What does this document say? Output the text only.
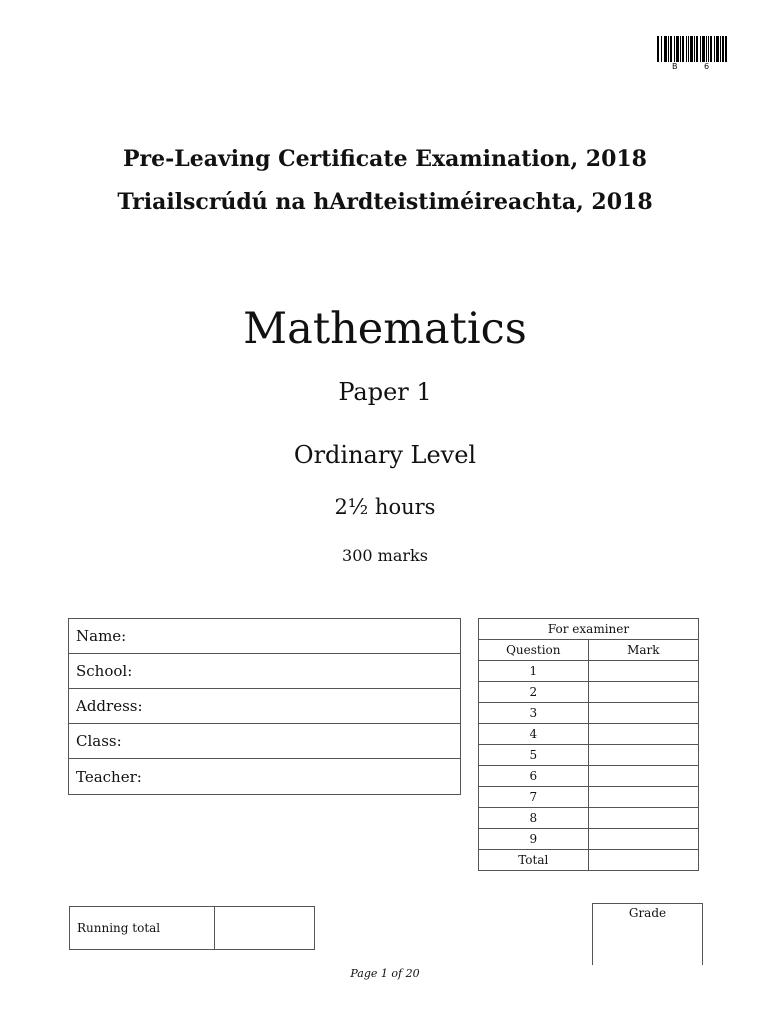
B 6
Pre-Leaving Certificate Examination, 2018
Triailscrúdú na hArdteistiméireachta, 2018
Mathematics
Paper 1
Ordinary Level
2½ hours
300 marks
Name:
School:
Address:
Class:
Teacher:
For examiner	
Question	Mark
1	
2	
3	
4	
5	
6	
7	
8	
9	
Total	
Running total
Grade
Page 1 of 20
